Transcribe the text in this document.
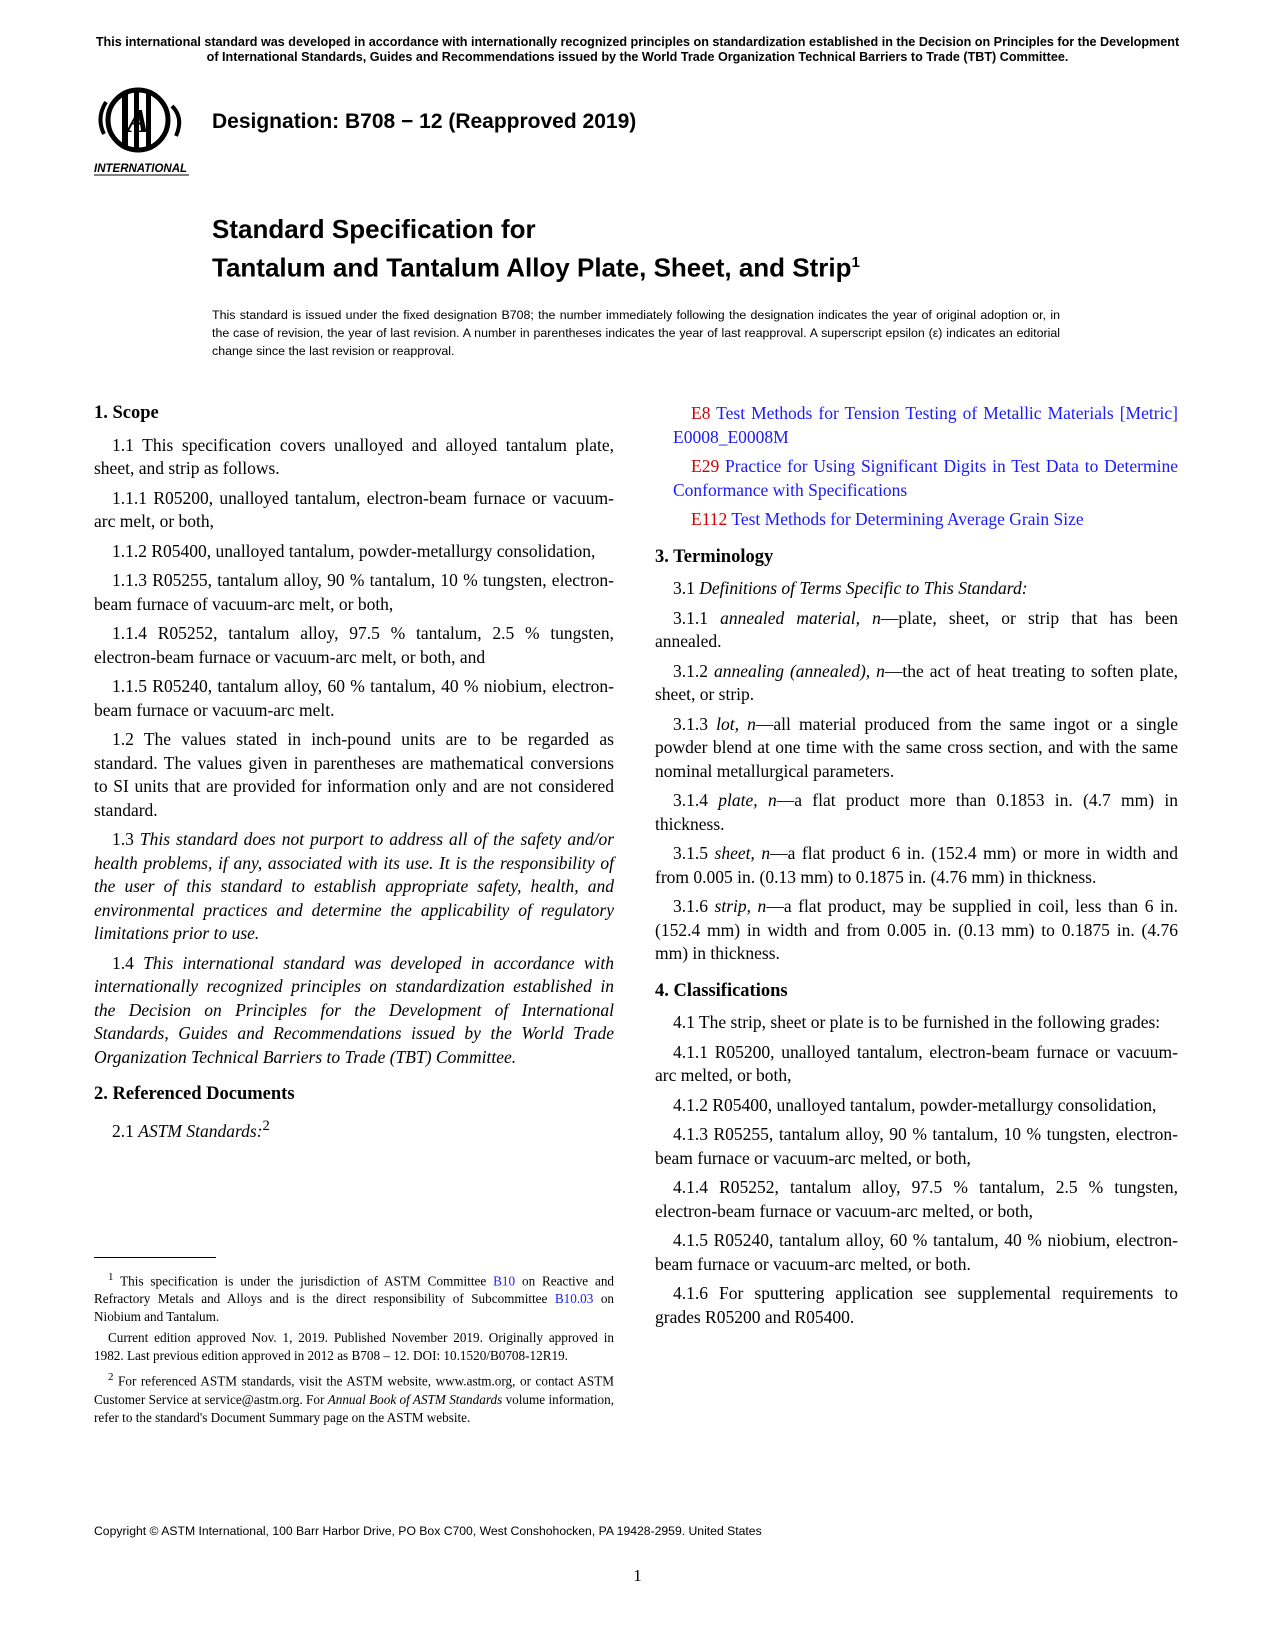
This international standard was developed in accordance with internationally recognized principles on standardization established in the Decision on Principles for the Development of International Standards, Guides and Recommendations issued by the World Trade Organization Technical Barriers to Trade (TBT) Committee.
INTERNATIONAL
Designation: B708 − 12 (Reapproved 2019)
Standard Specification for
Tantalum and Tantalum Alloy Plate, Sheet, and Strip$^1$
This standard is issued under the fixed designation B708; the number immediately following the designation indicates the year of original adoption or, in the case of revision, the year of last revision. A number in parentheses indicates the year of last reapproval. A superscript epsilon (ε) indicates an editorial change since the last revision or reapproval.
1. Scope

1.1 This specification covers unalloyed and alloyed tantalum plate, sheet, and strip as follows.

1.1.1 R05200, unalloyed tantalum, electron-beam furnace or vacuum-arc melt, or both,

1.1.2 R05400, unalloyed tantalum, powder-metallurgy consolidation,

1.1.3 R05255, tantalum alloy, 90 % tantalum, 10 % tungsten, electron-beam furnace of vacuum-arc melt, or both,

1.1.4 R05252, tantalum alloy, 97.5 % tantalum, 2.5 % tungsten, electron-beam furnace or vacuum-arc melt, or both, and

1.1.5 R05240, tantalum alloy, 60 % tantalum, 40 % niobium, electron-beam furnace or vacuum-arc melt.

1.2 The values stated in inch-pound units are to be regarded as standard. The values given in parentheses are mathematical conversions to SI units that are provided for information only and are not considered standard.

1.3 This standard does not purport to address all of the safety and/or health problems, if any, associated with its use. It is the responsibility of the user of this standard to establish appropriate safety, health, and environmental practices and determine the applicability of regulatory limitations prior to use.

1.4 This international standard was developed in accordance with internationally recognized principles on standardization established in the Decision on Principles for the Development of International Standards, Guides and Recommendations issued by the World Trade Organization Technical Barriers to Trade (TBT) Committee.

2. Referenced Documents

2.1 ASTM Standards:$^2$

E8 Test Methods for Tension Testing of Metallic Materials [Metric] E0008_E0008M

E29 Practice for Using Significant Digits in Test Data to Determine Conformance with Specifications

E112 Test Methods for Determining Average Grain Size

3. Terminology

3.1 Definitions of Terms Specific to This Standard:

3.1.1 annealed material, n—plate, sheet, or strip that has been annealed.

3.1.2 annealing (annealed), n—the act of heat treating to soften plate, sheet, or strip.

3.1.3 lot, n—all material produced from the same ingot or a single powder blend at one time with the same cross section, and with the same nominal metallurgical parameters.

3.1.4 plate, n—a flat product more than 0.1853 in. (4.7 mm) in thickness.

3.1.5 sheet, n—a flat product 6 in. (152.4 mm) or more in width and from 0.005 in. (0.13 mm) to 0.1875 in. (4.76 mm) in thickness.

3.1.6 strip, n—a flat product, may be supplied in coil, less than 6 in. (152.4 mm) in width and from 0.005 in. (0.13 mm) to 0.1875 in. (4.76 mm) in thickness.

4. Classifications

4.1 The strip, sheet or plate is to be furnished in the following grades:

4.1.1 R05200, unalloyed tantalum, electron-beam furnace or vacuum-arc melted, or both,

4.1.2 R05400, unalloyed tantalum, powder-metallurgy consolidation,

4.1.3 R05255, tantalum alloy, 90 % tantalum, 10 % tungsten, electron-beam furnace or vacuum-arc melted, or both,

4.1.4 R05252, tantalum alloy, 97.5 % tantalum, 2.5 % tungsten, electron-beam furnace or vacuum-arc melted, or both,

4.1.5 R05240, tantalum alloy, 60 % tantalum, 40 % niobium, electron-beam furnace or vacuum-arc melted, or both.

4.1.6 For sputtering application see supplemental requirements to grades R05200 and R05400.

$^1$ This specification is under the jurisdiction of ASTM Committee B10 on Reactive and Refractory Metals and Alloys and is the direct responsibility of Subcommittee B10.03 on Niobium and Tantalum.

Current edition approved Nov. 1, 2019. Published November 2019. Originally approved in 1982. Last previous edition approved in 2012 as B708 – 12. DOI: 10.1520/B0708-12R19.

$^2$ For referenced ASTM standards, visit the ASTM website, www.astm.org, or contact ASTM Customer Service at service@astm.org. For Annual Book of ASTM Standards volume information, refer to the standard's Document Summary page on the ASTM website.

Copyright © ASTM International, 100 Barr Harbor Drive, PO Box C700, West Conshohocken, PA 19428-2959. United States
1
